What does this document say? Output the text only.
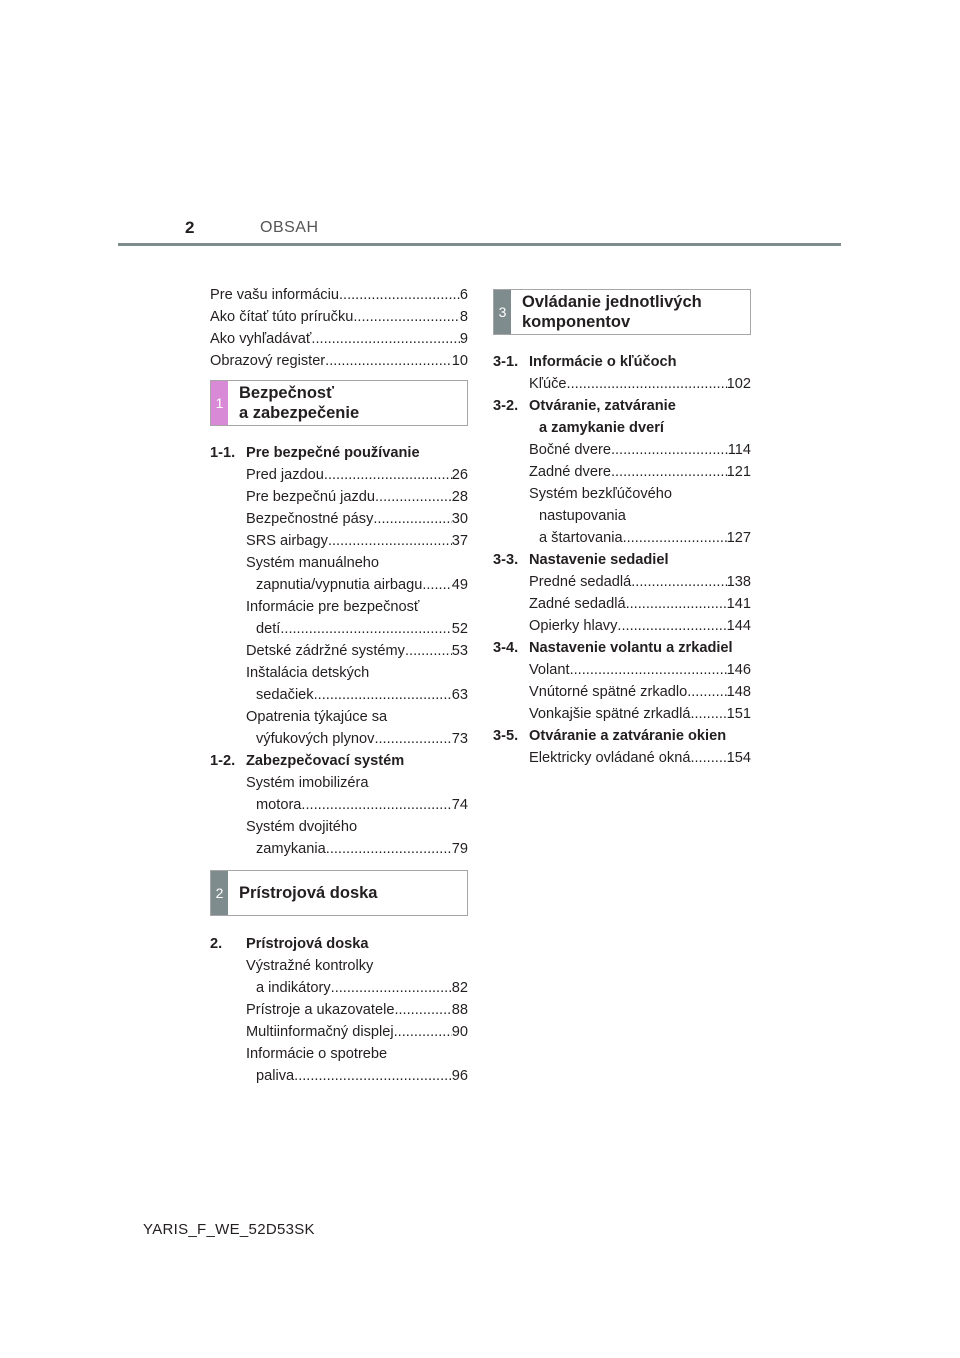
2	OBSAH
Pre vašu informáciu .....	6
Ako čítať túto príručku .....	8
Ako vyhľadávať .....	9
Obrazový register .....	10
1
Bezpečnosť
a zabezpečenie
1-1. Pre bezpečné používanie
Pred jazdou .....	26
Pre bezpečnú jazdu .....	28
Bezpečnostné pásy .....	30
SRS airbagy .....	37
Systém manuálneho
zapnutia/vypnutia airbagu ..... 49
Informácie pre bezpečnosť
detí .....	52
Detské zádržné systémy .....	53
Inštalácia detských
sedačiek .....	63
Opatrenia týkajúce sa
výfukových plynov .....	73
1-2. Zabezpečovací systém
Systém imobilizéra
motora .....	74
Systém dvojitého
zamykania .....	79
2 Prístrojová doska
2.	Prístrojová doska
Výstražné kontrolky
a indikátory .....	82
Prístroje a ukazovatele .....	88
Multiinformačný displej .....	90
Informácie o spotrebe
paliva .....	96
3
Ovládanie jednotlivých
komponentov
3-1. Informácie o kľúčoch
Kľúče .....	102
3-2. Otváranie, zatváranie
a zamykanie dverí
Bočné dvere .....	114
Zadné dvere .....	121
Systém bezkľúčového
nastupovania
a štartovania .....	127
3-3. Nastavenie sedadiel
Predné sedadlá .....	138
Zadné sedadlá .....	141
Opierky hlavy .....	144
3-4. Nastavenie volantu a zrkadiel
Volant .....	146
Vnútorné spätné zrkadlo .....	148
Vonkajšie spätné zrkadlá ..... 151
3-5. Otváranie a zatváranie okien
Elektricky ovládané okná ..... 154
YARIS_F_WE_52D53SK
